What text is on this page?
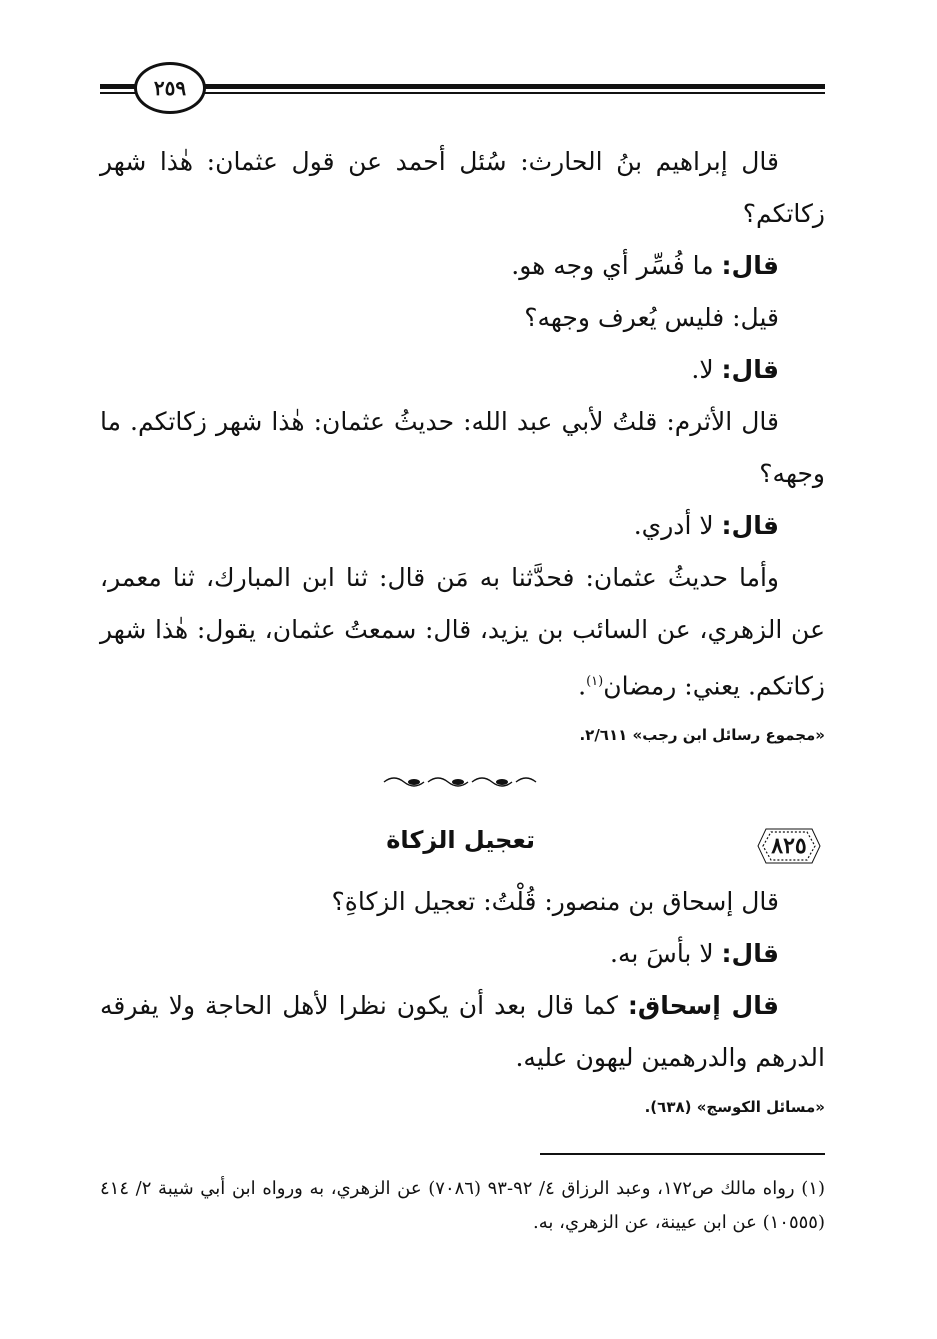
٢٥٩

قال إبراهيم بنُ الحارث: سُئل أحمد عن قول عثمان: هٰذا شهر زكاتكم؟

قال: ما فُسِّر أي وجه هو.

قيل: فليس يُعرف وجهه؟

قال: لا.

قال الأثرم: قلتُ لأبي عبد الله: حديثُ عثمان: هٰذا شهر زكاتكم. ما وجهه؟

قال: لا أدري.

وأما حديثُ عثمان: فحدَّثنا به مَن قال: ثنا ابن المبارك، ثنا معمر، عن الزهري، عن السائب بن يزيد، قال: سمعتُ عثمان، يقول: هٰذا شهر زكاتكم. يعني: رمضان$^{(١)}$.

«مجموع رسائل ابن رجب» ٢/٦١١.

٨٢٥
تعجيل الزكاة

قال إسحاق بن منصور: قُلْتُ: تعجيل الزكاةِ؟

قال: لا بأسَ به.

قال إسحاق: كما قال بعد أن يكون نظرا لأهل الحاجة ولا يفرقه الدرهم والدرهمين ليهون عليه.

«مسائل الكوسج» (٦٣٨).

(١) رواه مالك ص١٧٢، وعبد الرزاق ٤/ ٩٢-٩٣ (٧٠٨٦) عن الزهري، به ورواه ابن أبي شيبة ٢/ ٤١٤ (١٠٥٥٥) عن ابن عيينة، عن الزهري، به.
